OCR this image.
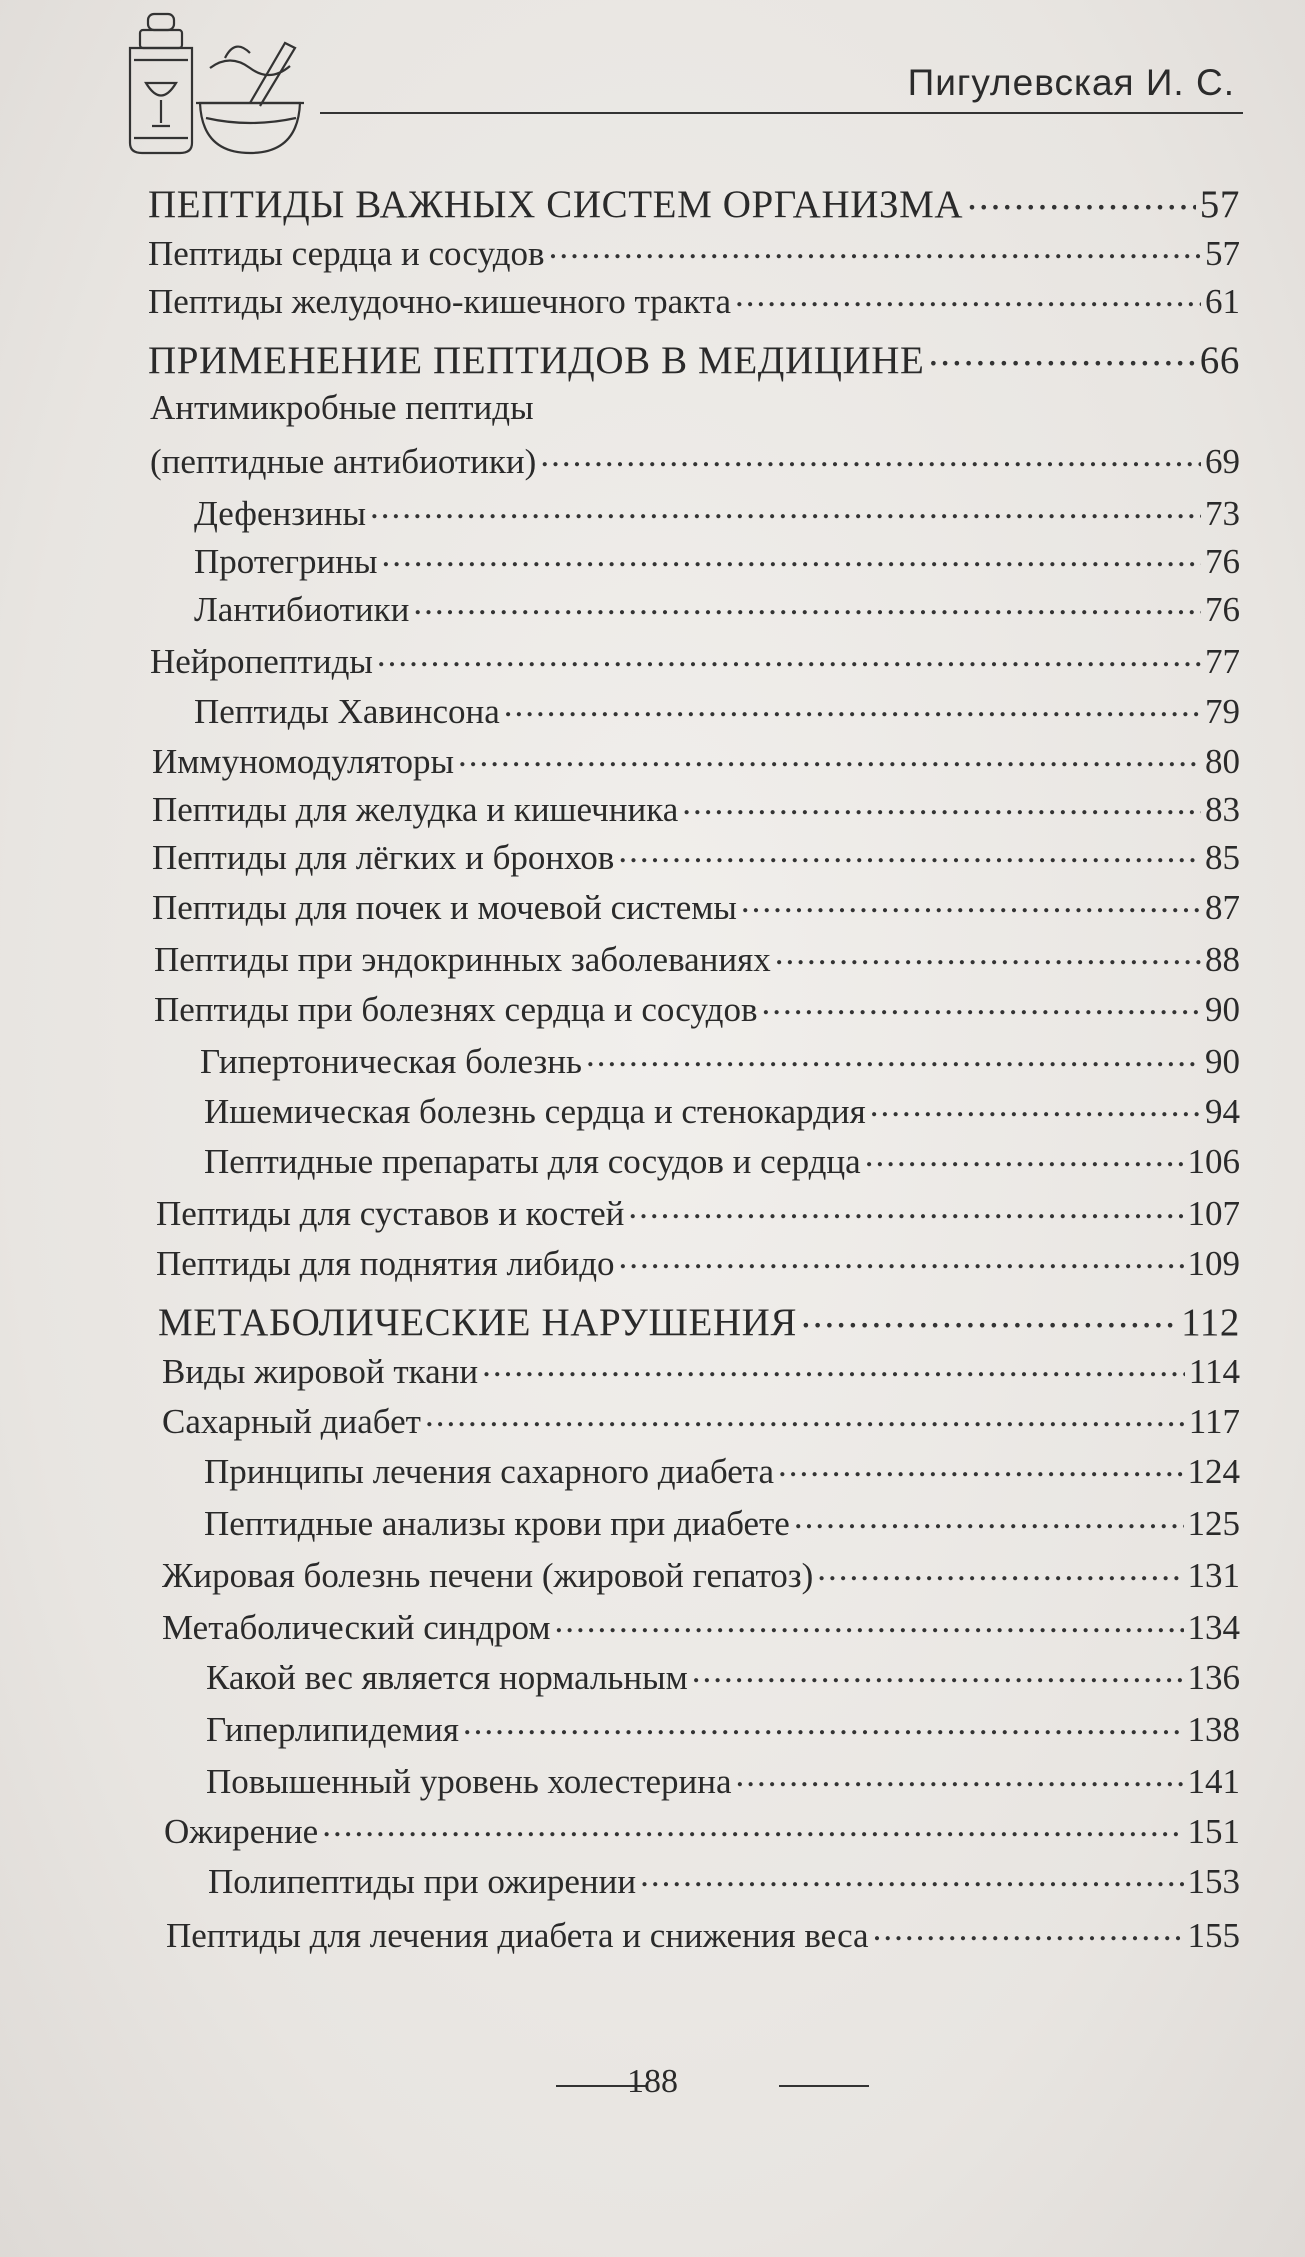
Пигулевская И. С.
ПЕПТИДЫ ВАЖНЫХ СИСТЕМ ОРГАНИЗМА .....	57
Пептиды сердца и сосудов .....	57
Пептиды желудочно-кишечного тракта .....	61
ПРИМЕНЕНИЕ ПЕПТИДОВ В МЕДИЦИНЕ .....	66
Антимикробные пептиды
(пептидные антибиотики) .....	69
Дефензины .....	73
Протегрины .....	76
Лантибиотики .....	76
Нейропептиды .....	77
Пептиды Хавинсона .....	79
Иммуномодуляторы .....	80
Пептиды для желудка и кишечника .....	83
Пептиды для лёгких и бронхов .....	85
Пептиды для почек и мочевой системы .....	87
Пептиды при эндокринных заболеваниях .....	88
Пептиды при болезнях сердца и сосудов .....	90
Гипертоническая болезнь .....	90
Ишемическая болезнь сердца и стенокардия .....	94
Пептидные препараты для сосудов и сердца .....	106
Пептиды для суставов и костей .....	107
Пептиды для поднятия либидо .....	109
МЕТАБОЛИЧЕСКИЕ НАРУШЕНИЯ .....	112
Виды жировой ткани .....	114
Сахарный диабет .....	117
Принципы лечения сахарного диабета .....	124
Пептидные анализы крови при диабете .....	125
Жировая болезнь печени (жировой гепатоз) .....	131
Метаболический синдром .....	134
Какой вес является нормальным .....	136
Гиперлипидемия .....	138
Повышенный уровень холестерина .....	141
Ожирение .....	151
Полипептиды при ожирении .....	153
Пептиды для лечения диабета и снижения веса .....	155
188
